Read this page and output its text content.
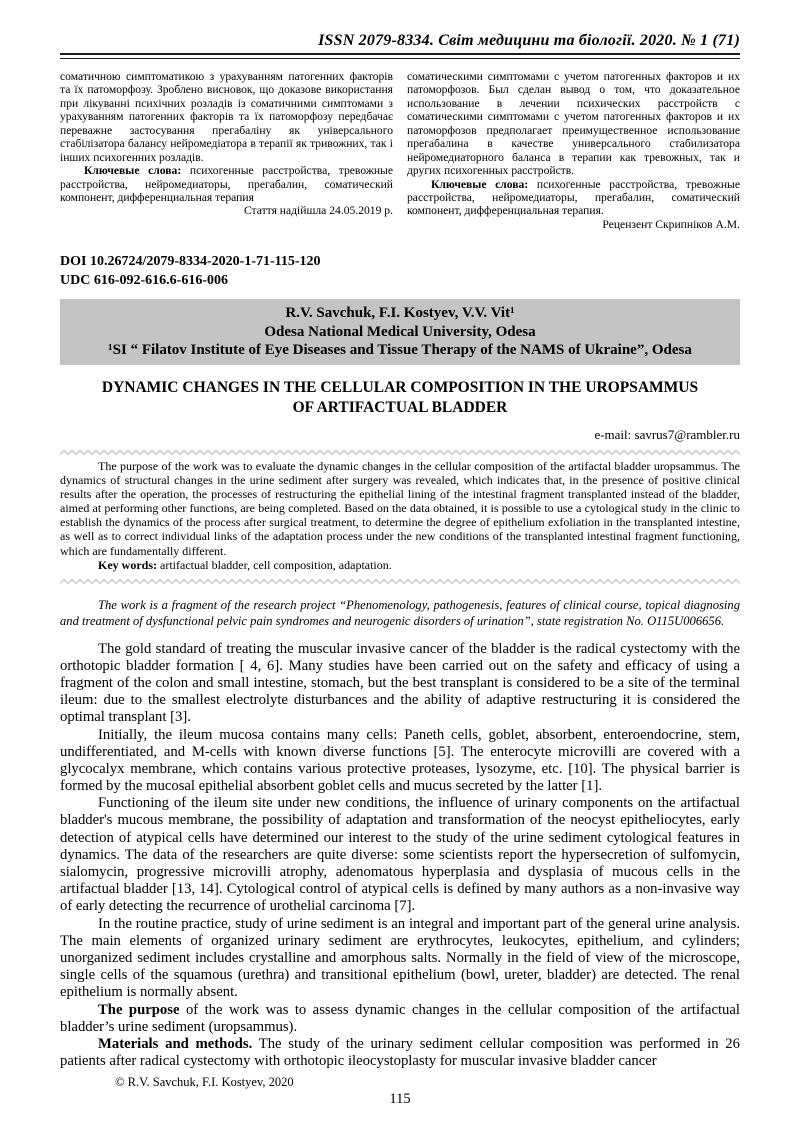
ISSN 2079-8334. Світ медицини та біології. 2020. № 1 (71)

соматичною симптоматикою з урахуванням патогенних факторів та їх патоморфозу. Зроблено висновок, що доказове використання при лікуванні психічних розладів із соматичними симптомами з урахуванням патогенних факторів та їх патоморфозу передбачає переважне застосування прегабаліну як універсального стабілізатора балансу нейромедіатора в терапії як тривожних, так і інших психогенних розладів.

Ключевые слова: психогенные расстройства, тревожные расстройства, нейромедиаторы, прегабалин, соматический компонент, дифференциальная терапия

Стаття надійшла 24.05.2019 р.

соматическими симптомами с учетом патогенных факторов и их патоморфозов. Был сделан вывод о том, что доказательное использование в лечении психических расстройств с соматическими симптомами с учетом патогенных факторов и их патоморфозов предполагает преимущественное использование прегабалина в качестве универсального стабилизатора нейромедиаторного баланса в терапии как тревожных, так и других психогенных расстройств.

Ключевые слова: психогенные расстройства, тревожные расстройства, нейромедиаторы, прегабалин, соматический компонент, дифференциальная терапия.

Рецензент Скрипніков А.М.

DOI 10.26724/2079-8334-2020-1-71-115-120
UDC 616-092-616.6-616-006
R.V. Savchuk, F.I. Kostyev, V.V. Vit¹
Odesa National Medical University, Odesa
¹SI “ Filatov Institute of Eye Diseases and Tissue Therapy of the NAMS of Ukraine”, Odesa
DYNAMIC CHANGES IN THE CELLULAR COMPOSITION IN THE UROPSAMMUS
OF ARTIFACTUAL BLADDER
e-mail: savrus7@rambler.ru

The purpose of the work was to evaluate the dynamic changes in the cellular composition of the artifactal bladder uropsammus. The dynamics of structural changes in the urine sediment after surgery was revealed, which indicates that, in the presence of positive clinical results after the operation, the processes of restructuring the epithelial lining of the intestinal fragment transplanted instead of the bladder, aimed at performing other functions, are being completed. Based on the data obtained, it is possible to use a cytological study in the clinic to establish the dynamics of the process after surgical treatment, to determine the degree of epithelium exfoliation in the transplanted intestine, as well as to correct individual links of the adaptation process under the new conditions of the transplanted intestinal fragment functioning, which are fundamentally different.

Key words: artifactual bladder, cell composition, adaptation.

The work is a fragment of the research project “Phenomenology, pathogenesis, features of clinical course, topical diagnosing and treatment of dysfunctional pelvic pain syndromes and neurogenic disorders of urination”, state registration No. O115U006656.

The gold standard of treating the muscular invasive cancer of the bladder is the radical cystectomy with the orthotopic bladder formation [ 4, 6]. Many studies have been carried out on the safety and efficacy of using a fragment of the colon and small intestine, stomach, but the best transplant is considered to be a site of the terminal ileum: due to the smallest electrolyte disturbances and the ability of adaptive restructuring it is considered the optimal transplant [3].

Initially, the ileum mucosa contains many cells: Paneth cells, goblet, absorbent, enteroendocrine, stem, undifferentiated, and M-cells with known diverse functions [5]. The enterocyte microvilli are covered with a glycocalyx membrane, which contains various protective proteases, lysozyme, etc. [10]. The physical barrier is formed by the mucosal epithelial absorbent goblet cells and mucus secreted by the latter [1].

Functioning of the ileum site under new conditions, the influence of urinary components on the artifactual bladder's mucous membrane, the possibility of adaptation and transformation of the neocyst epitheliocytes, early detection of atypical cells have determined our interest to the study of the urine sediment cytological features in dynamics. The data of the researchers are quite diverse: some scientists report the hypersecretion of sulfomycin, sialomycin, progressive microvilli atrophy, adenomatous hyperplasia and dysplasia of mucous cells in the artifactual bladder [13, 14]. Cytological control of atypical cells is defined by many authors as a non-invasive way of early detecting the recurrence of urothelial carcinoma [7].

In the routine practice, study of urine sediment is an integral and important part of the general urine analysis. The main elements of organized urinary sediment are erythrocytes, leukocytes, epithelium, and cylinders; unorganized sediment includes crystalline and amorphous salts. Normally in the field of view of the microscope, single cells of the squamous (urethra) and transitional epithelium (bowl, ureter, bladder) are detected. The renal epithelium is normally absent.

The purpose of the work was to assess dynamic changes in the cellular composition of the artifactual bladder’s urine sediment (uropsammus).

Materials and methods. The study of the urinary sediment cellular composition was performed in 26 patients after radical cystectomy with orthotopic ileocystoplasty for muscular invasive bladder cancer

© R.V. Savchuk, F.I. Kostyev, 2020
115
